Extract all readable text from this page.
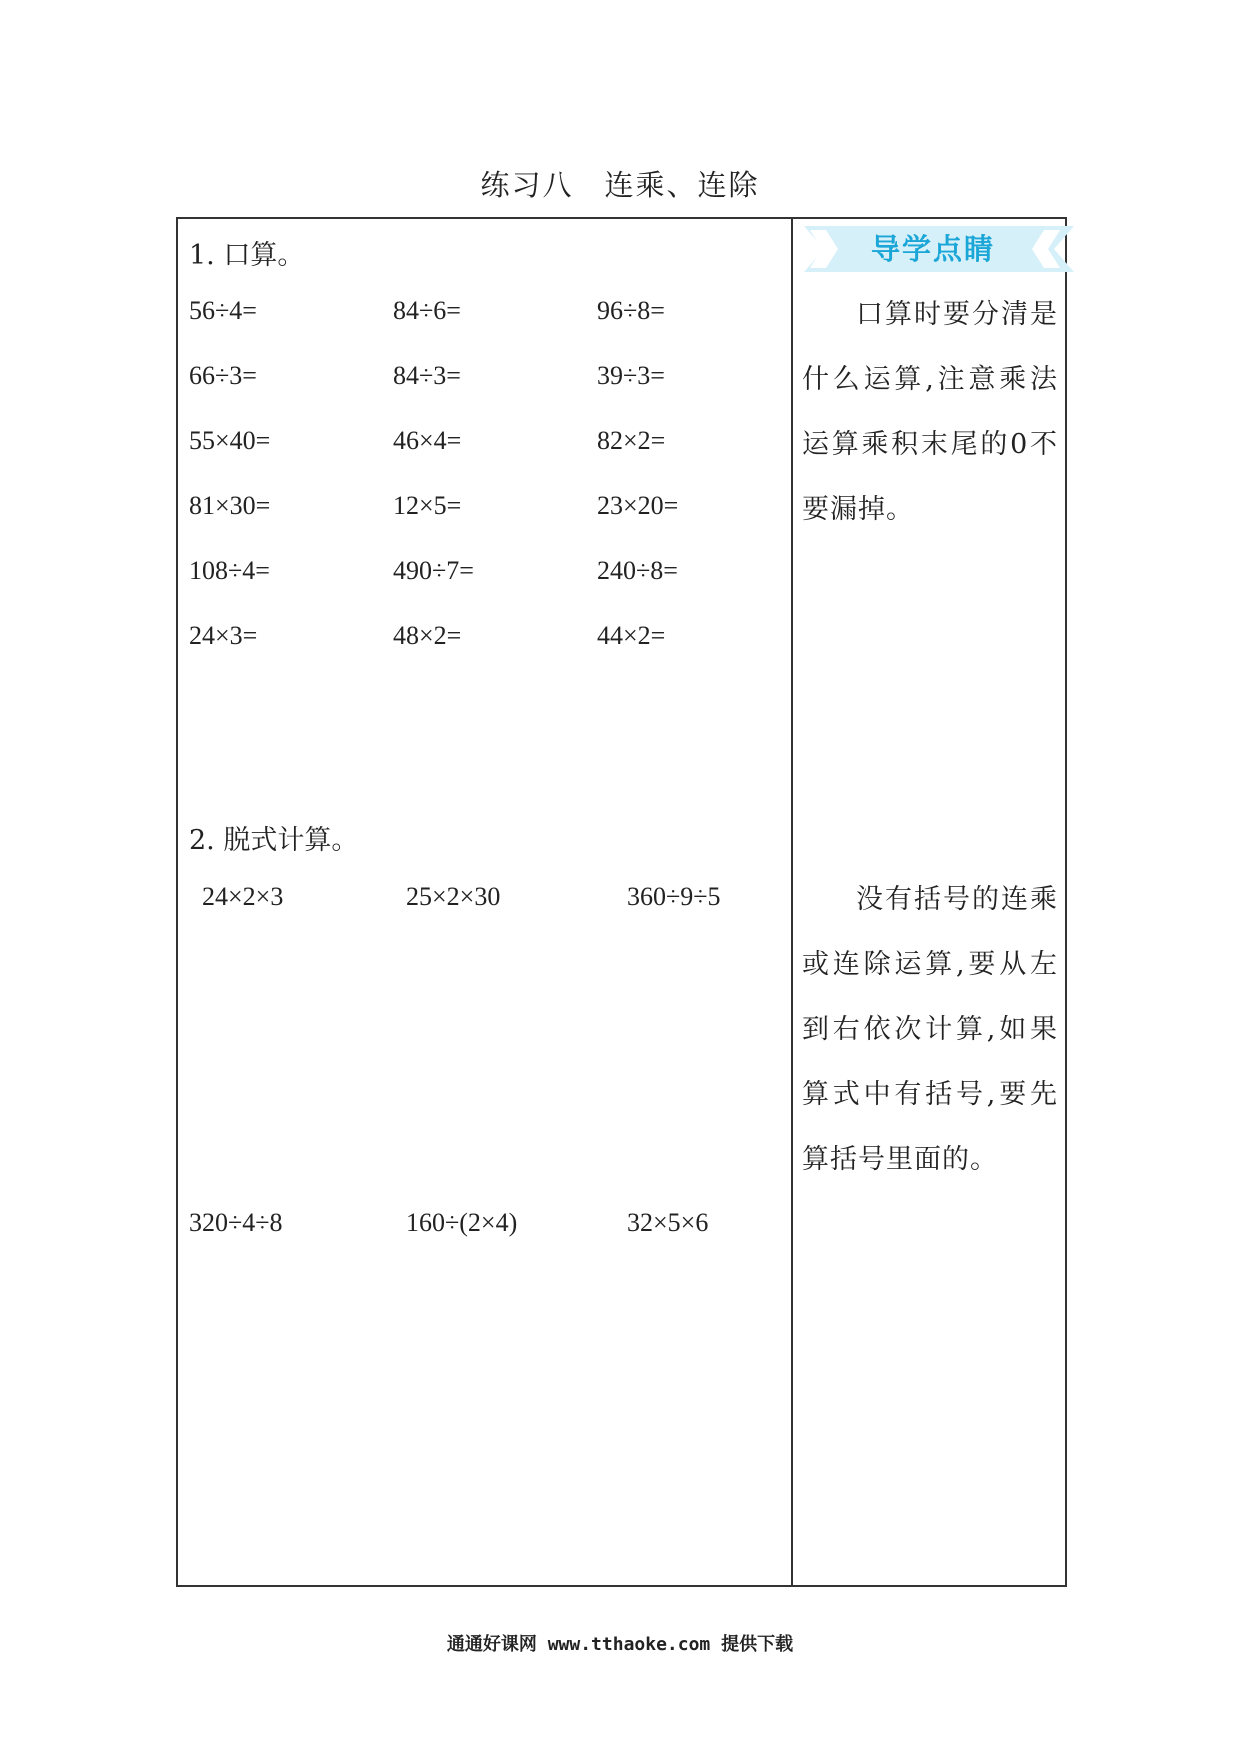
练习八　连乘、连除
1. 口算。
56÷4=	84÷6=	96÷8=
66÷3=	84÷3=	39÷3=
55×40=	46×4=	82×2=
81×30=	12×5=	23×20=
108÷4=	490÷7=	240÷8=
24×3=	48×2=	44×2=
2. 脱式计算。
24×2×3	25×2×30	360÷9÷5
320÷4÷8	160÷(2×4)	32×5×6
导学点睛
口算时要分清是什么运算,注意乘法运算乘积末尾的0不要漏掉。
没有括号的连乘或连除运算,要从左到右依次计算,如果算式中有括号,要先算括号里面的。
通通好课网 www.tthaoke.com 提供下载
